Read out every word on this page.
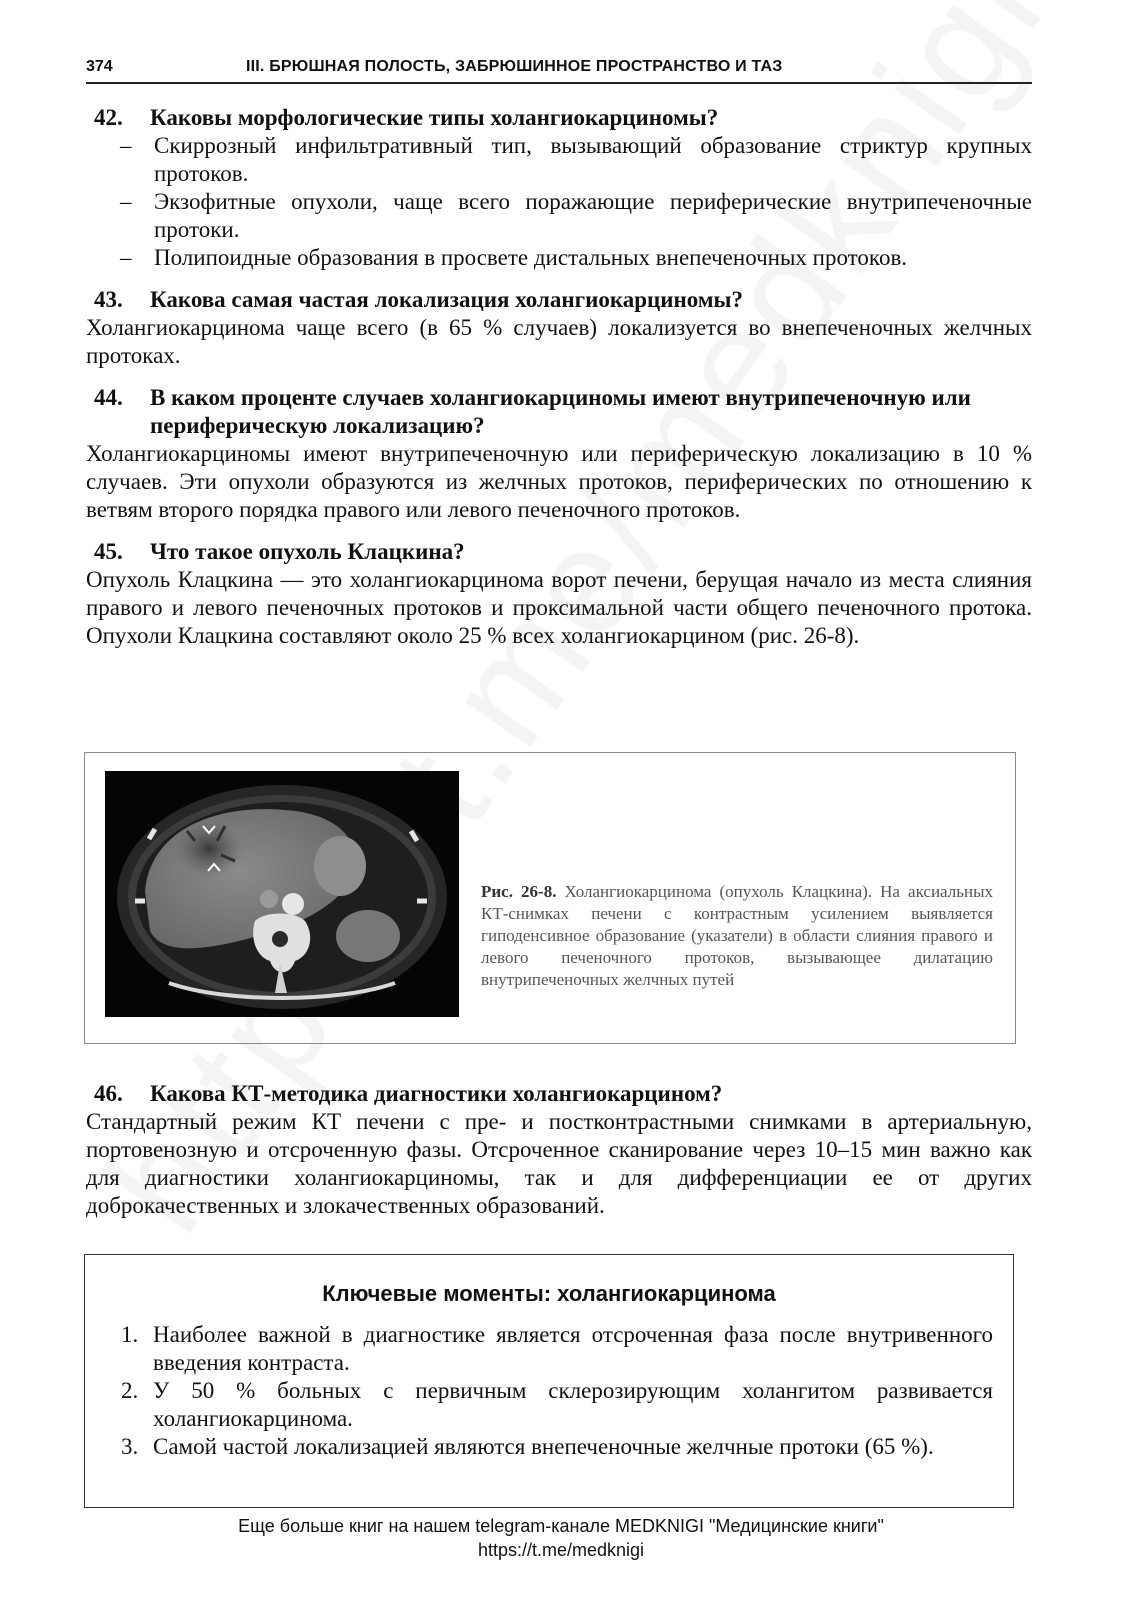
374	III. БРЮШНАЯ ПОЛОСТЬ, ЗАБРЮШИННОЕ ПРОСТРАНСТВО И ТАЗ
42.	Каковы морфологические типы холангиокарциномы?
– Скиррозный инфильтративный тип, вызывающий образование стриктур крупных протоков.
– Экзофитные опухоли, чаще всего поражающие периферические внутрипеченочные протоки.
– Полипоидные образования в просвете дистальных внепеченочных протоков.
43.	Какова самая частая локализация холангиокарциномы?
Холангиокарцинома чаще всего (в 65 % случаев) локализуется во внепеченочных желчных протоках.
44.	В каком проценте случаев холангиокарциномы имеют внутрипеченочную или периферическую локализацию?
Холангиокарциномы имеют внутрипеченочную или периферическую локализацию в 10 % случаев. Эти опухоли образуются из желчных протоков, периферических по отношению к ветвям второго порядка правого или левого печеночного протоков.
45.	Что такое опухоль Клацкина?
Опухоль Клацкина — это холангиокарцинома ворот печени, берущая начало из места слияния правого и левого печеночных протоков и проксимальной части общего печеночного протока. Опухоли Клацкина составляют около 25 % всех холангиокарцином (рис. 26-8).
Рис. 26-8. Холангиокарцинома (опухоль Клацкина). На аксиальных КТ-снимках печени с контрастным усилением выявляется гиподенсивное образование (указатели) в области слияния правого и левого печеночного протоков, вызывающее дилатацию внутрипеченочных желчных путей
46.	Какова КТ-методика диагностики холангиокарцином?
Стандартный режим КТ печени с пре- и постконтрастными снимками в артериальную, портовенозную и отсроченную фазы. Отсроченное сканирование через 10–15 мин важно как для диагностики холангиокарциномы, так и для дифференциации ее от других доброкачественных и злокачественных образований.
Ключевые моменты: холангиокарцинома
1. Наиболее важной в диагностике является отсроченная фаза после внутривенного введения контраста.
2. У 50 % больных с первичным склерозирующим холангитом развивается холангиокарцинома.
3. Самой частой локализацией являются внепеченочные желчные протоки (65 %).
Еще больше книг на нашем telegram-канале MEDKNIGI "Медицинские книги"
https://t.me/medknigi
